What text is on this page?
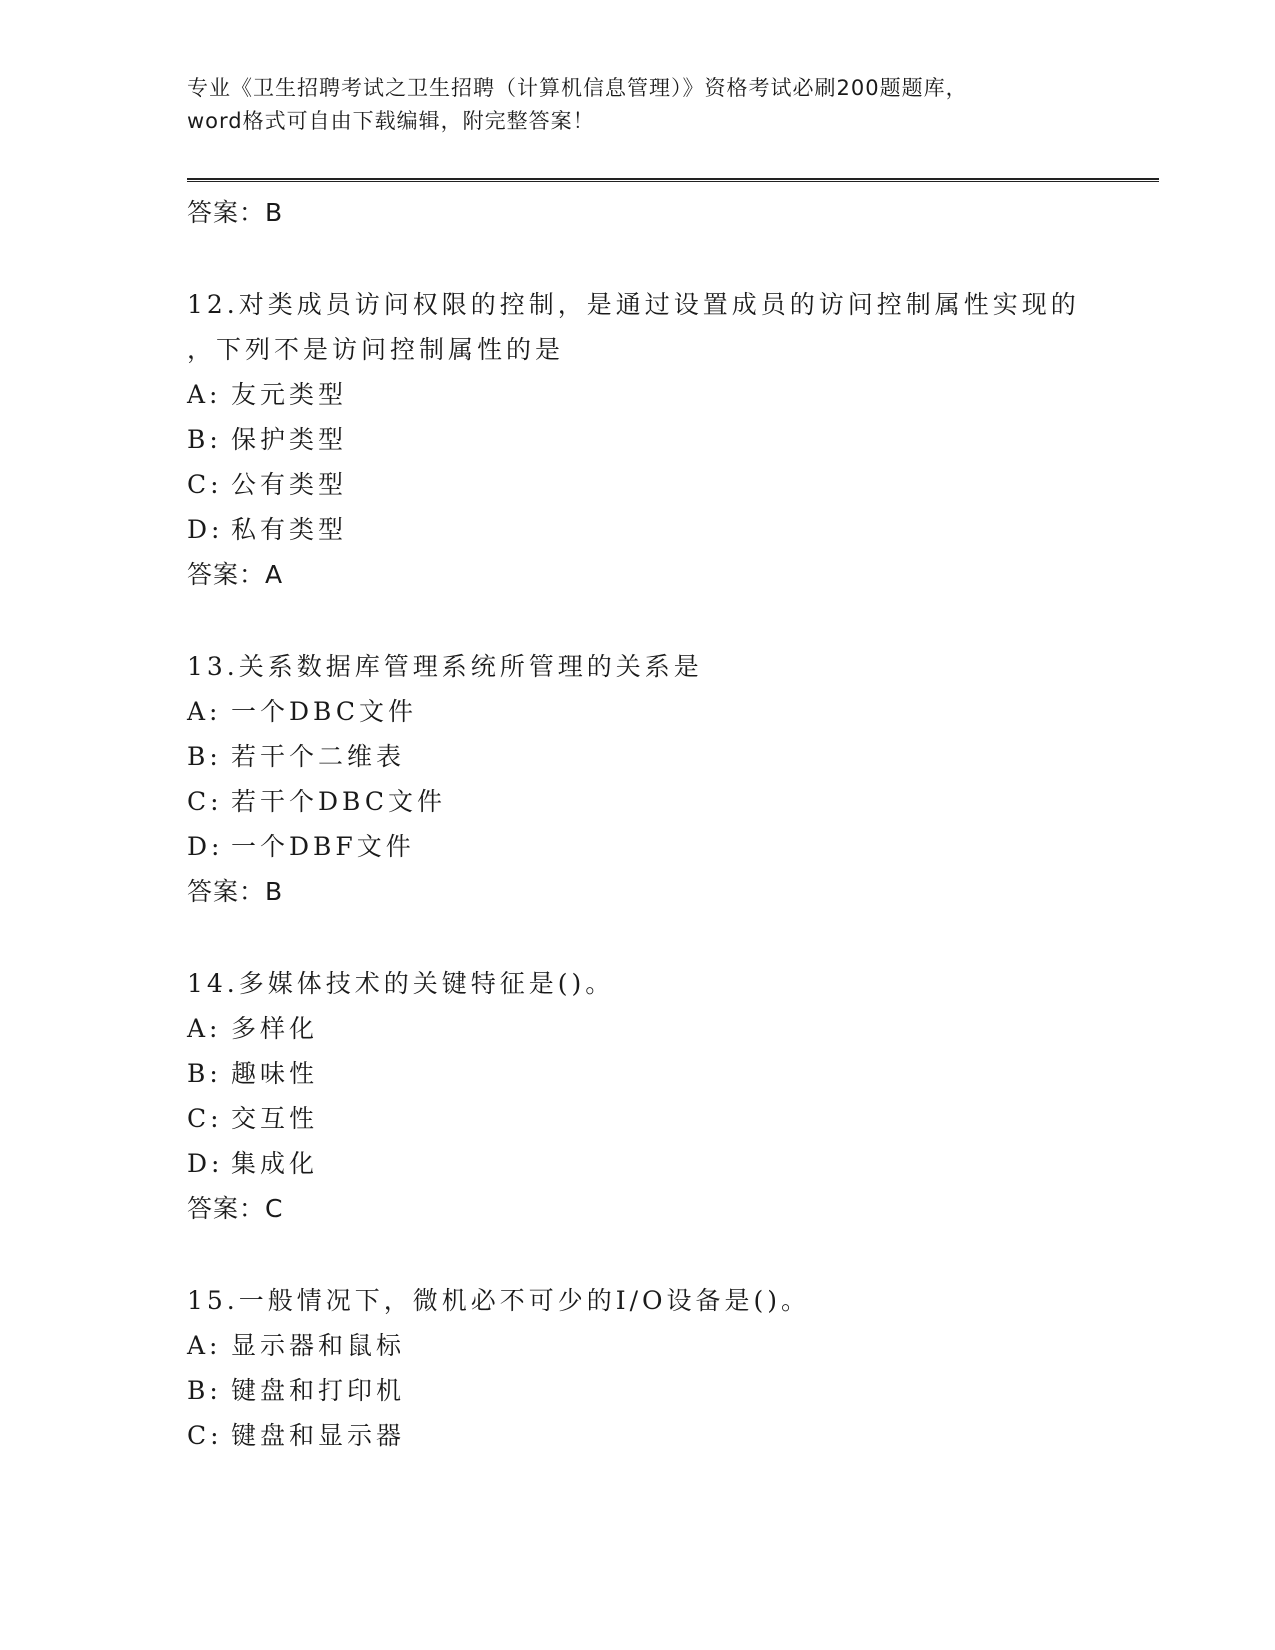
专业《卫生招聘考试之卫生招聘（计算机信息管理）》资格考试必刷200题题库，
word格式可自由下载编辑，附完整答案！
答案：B
12.对类成员访问权限的控制，是通过设置成员的访问控制属性实现的
，下列不是访问控制属性的是
A: 友元类型
B: 保护类型
C: 公有类型
D: 私有类型
答案：A
13.关系数据库管理系统所管理的关系是
A: 一个DBC文件
B: 若干个二维表
C: 若干个DBC文件
D: 一个DBF文件
答案：B
14.多媒体技术的关键特征是()。
A: 多样化
B: 趣味性
C: 交互性
D: 集成化
答案：C
15.一般情况下，微机必不可少的I/O设备是()。
A: 显示器和鼠标
B: 键盘和打印机
C: 键盘和显示器
